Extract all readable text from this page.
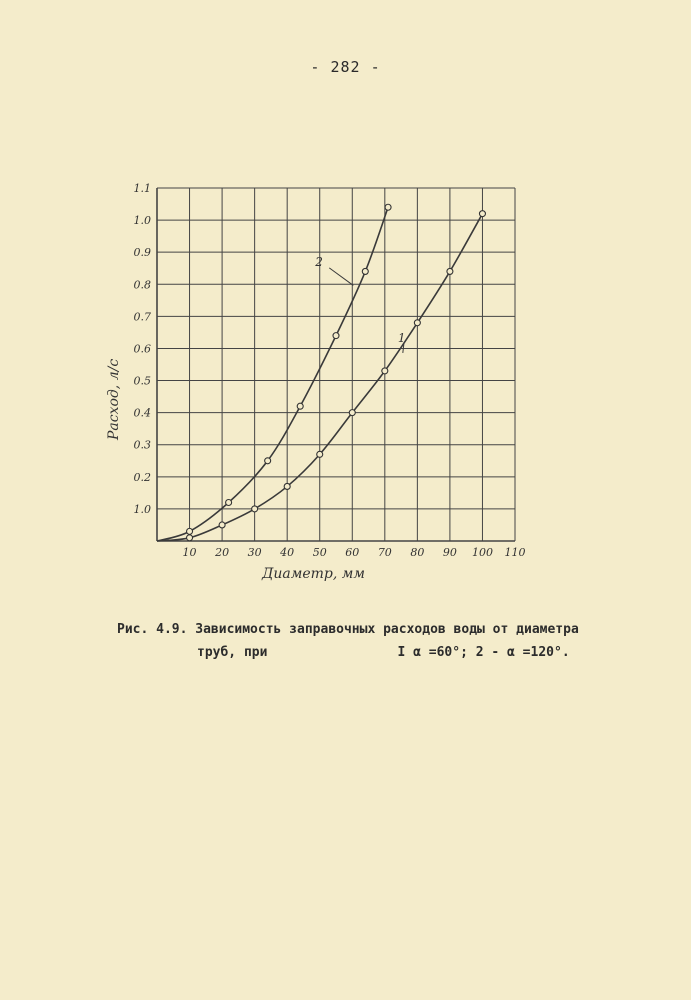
- 282 -
10 20 30 40 50 60 70 80 90 100 110
1.0
0.2
0.3
0.4
0.5
0.6
0.7
0.8
0.9
1.0
1.1
2
1
Диаметр, мм
Расход, л/с
Рис. 4.9. Зависимость заправочных расходов воды от диаметра
труб, при	I α =60°; 2 - α =120°.
